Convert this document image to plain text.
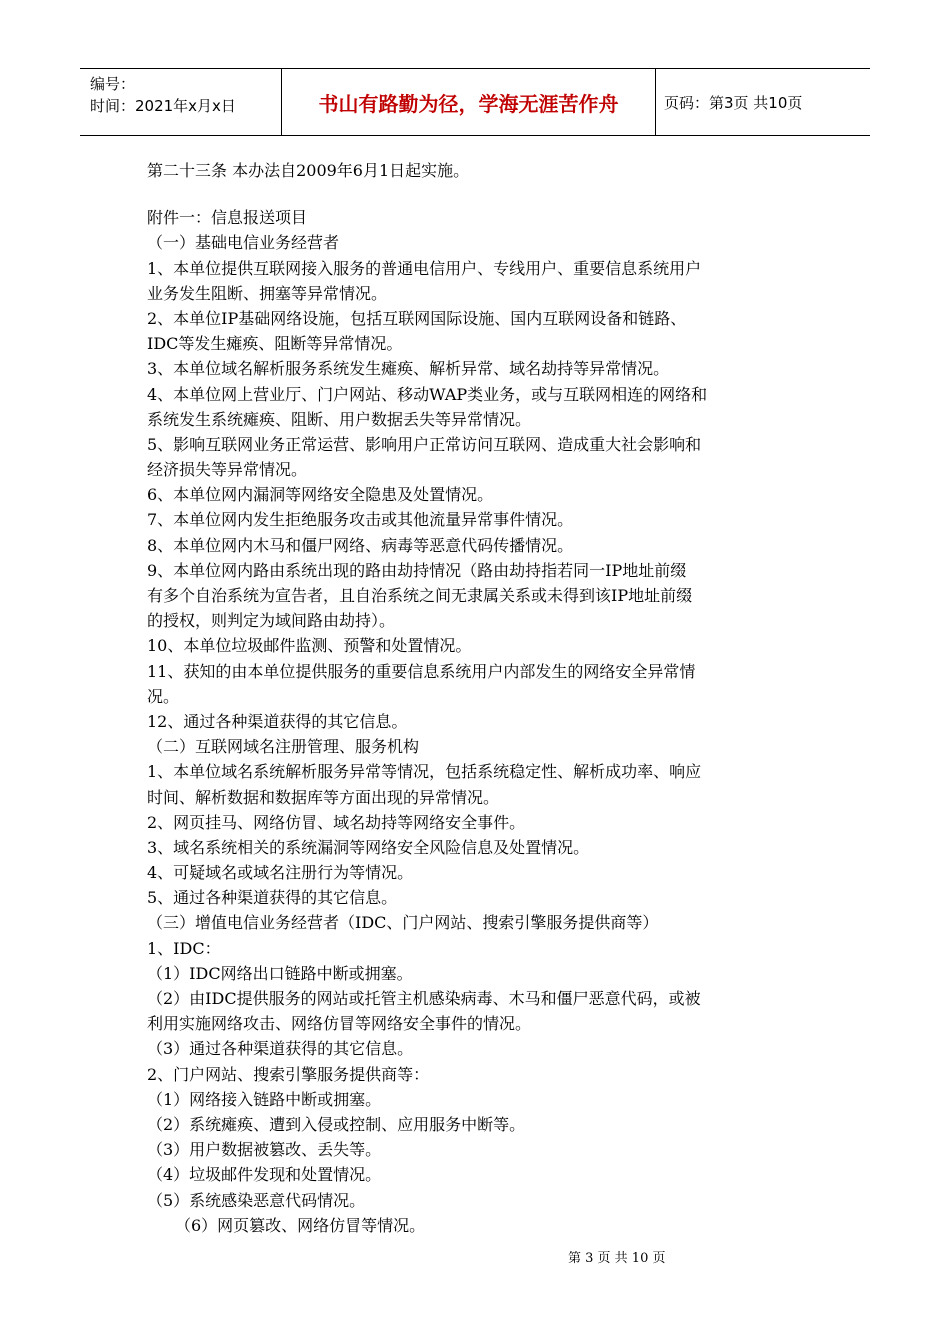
编号：
时间：2021年x月x日	书山有路勤为径，学海无涯苦作舟	页码：第3页 共10页
第二十三条 本办法自2009年6月1日起实施。
附件一：信息报送项目
（一）基础电信业务经营者
1、本单位提供互联网接入服务的普通电信用户、专线用户、重要信息系统用户
业务发生阻断、拥塞等异常情况。
2、本单位IP基础网络设施，包括互联网国际设施、国内互联网设备和链路、
IDC等发生瘫痪、阻断等异常情况。
3、本单位域名解析服务系统发生瘫痪、解析异常、域名劫持等异常情况。
4、本单位网上营业厅、门户网站、移动WAP类业务，或与互联网相连的网络和
系统发生系统瘫痪、阻断、用户数据丢失等异常情况。
5、影响互联网业务正常运营、影响用户正常访问互联网、造成重大社会影响和
经济损失等异常情况。
6、本单位网内漏洞等网络安全隐患及处置情况。
7、本单位网内发生拒绝服务攻击或其他流量异常事件情况。
8、本单位网内木马和僵尸网络、病毒等恶意代码传播情况。
9、本单位网内路由系统出现的路由劫持情况（路由劫持指若同一IP地址前缀
有多个自治系统为宣告者，且自治系统之间无隶属关系或未得到该IP地址前缀
的授权，则判定为域间路由劫持）。
10、本单位垃圾邮件监测、预警和处置情况。
11、获知的由本单位提供服务的重要信息系统用户内部发生的网络安全异常情
况。
12、通过各种渠道获得的其它信息。
（二）互联网域名注册管理、服务机构
1、本单位域名系统解析服务异常等情况，包括系统稳定性、解析成功率、响应
时间、解析数据和数据库等方面出现的异常情况。
2、网页挂马、网络仿冒、域名劫持等网络安全事件。
3、域名系统相关的系统漏洞等网络安全风险信息及处置情况。
4、可疑域名或域名注册行为等情况。
5、通过各种渠道获得的其它信息。
（三）增值电信业务经营者（IDC、门户网站、搜索引擎服务提供商等）
1、IDC：
（1）IDC网络出口链路中断或拥塞。
（2）由IDC提供服务的网站或托管主机感染病毒、木马和僵尸恶意代码，或被
利用实施网络攻击、网络仿冒等网络安全事件的情况。
（3）通过各种渠道获得的其它信息。
2、门户网站、搜索引擎服务提供商等：
（1）网络接入链路中断或拥塞。
（2）系统瘫痪、遭到入侵或控制、应用服务中断等。
（3）用户数据被篡改、丢失等。
（4）垃圾邮件发现和处置情况。
（5）系统感染恶意代码情况。
（6）网页篡改、网络仿冒等情况。
第 3 页 共 10 页
